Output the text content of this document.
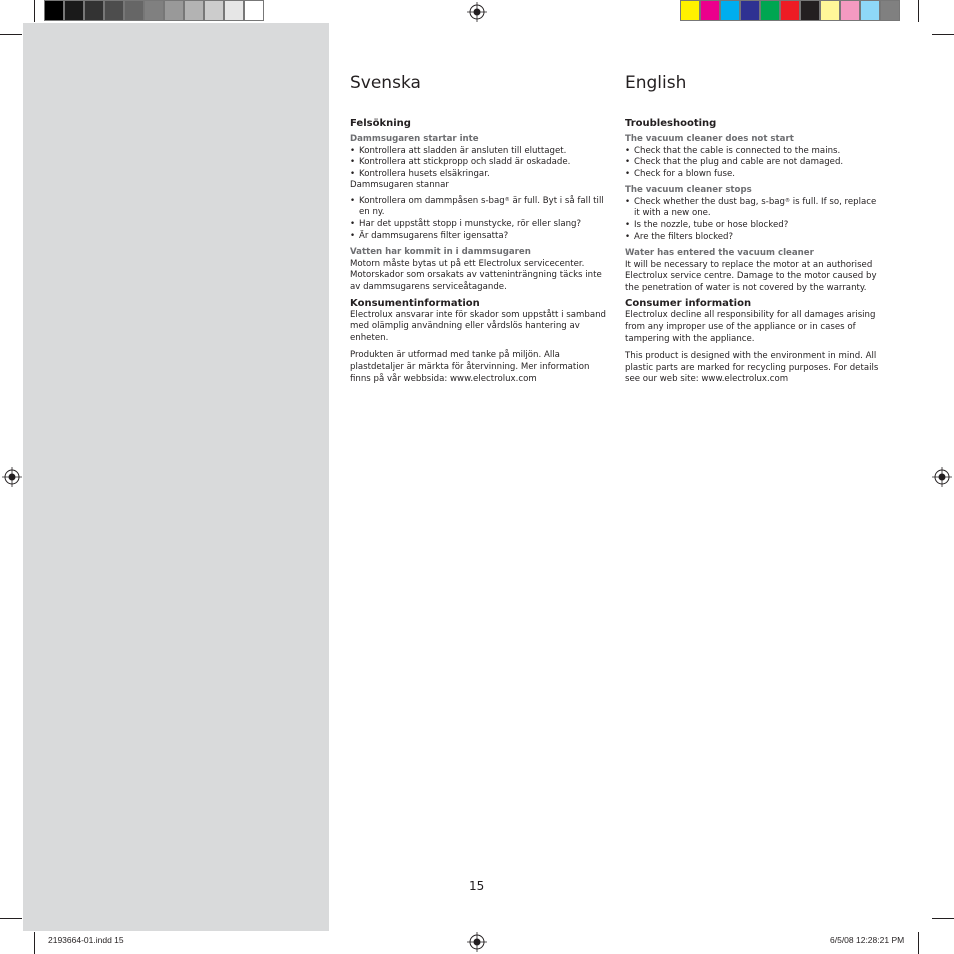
Svenska
Felsökning
Dammsugaren startar inte
• Kontrollera att sladden är ansluten till eluttaget.
• Kontrollera att stickpropp och sladd är oskadade.
• Kontrollera husets elsäkringar.

Dammsugaren stannar

• Kontrollera om dammpåsen s-bag® är full. Byt i så fall till en ny.
• Har det uppstått stopp i munstycke, rör eller slang?
• Är dammsugarens filter igensatta?
Vatten har kommit in i dammsugaren

Motorn måste bytas ut på ett Electrolux servicecenter. Motorskador som orsakats av vatteninträngning täcks inte av dammsugarens serviceåtagande.

Konsumentinformation

Electrolux ansvarar inte för skador som uppstått i samband med olämplig användning eller vårdslös hantering av enheten.

Produkten är utformad med tanke på miljön. Alla plastdetaljer är märkta för återvinning. Mer information finns på vår webbsida: www.electrolux.com

English
Troubleshooting
The vacuum cleaner does not start
• Check that the cable is connected to the mains.
• Check that the plug and cable are not damaged.
• Check for a blown fuse.
The vacuum cleaner stops
• Check whether the dust bag, s-bag® is full. If so, replace it with a new one.
• Is the nozzle, tube or hose blocked?
• Are the filters blocked?
Water has entered the vacuum cleaner

It will be necessary to replace the motor at an authorised Electrolux service centre. Damage to the motor caused by the penetration of water is not covered by the warranty.

Consumer information

Electrolux decline all responsibility for all damages arising from any improper use of the appliance or in cases of tampering with the appliance.

This product is designed with the environment in mind. All plastic parts are marked for recycling purposes. For details see our web site: www.electrolux.com

15
2193664-01.indd 15	6/5/08 12:28:21 PM
